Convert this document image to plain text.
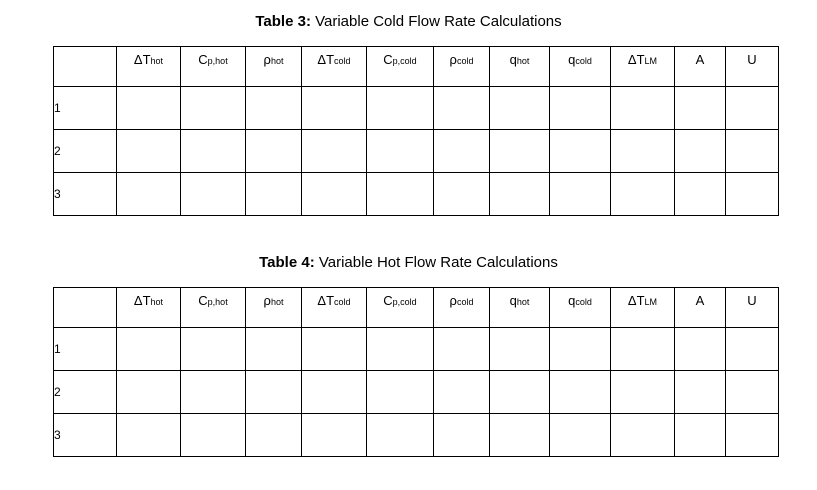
Table 3: Variable Cold Flow Rate Calculations
	ΔThot	Cp,hot	ρhot	ΔTcold	Cp,cold	ρcold	qhot	qcold	ΔTLM	A	U
1											
2											
3											
Table 4: Variable Hot Flow Rate Calculations
	ΔThot	Cp,hot	ρhot	ΔTcold	Cp,cold	ρcold	qhot	qcold	ΔTLM	A	U
1											
2											
3											
